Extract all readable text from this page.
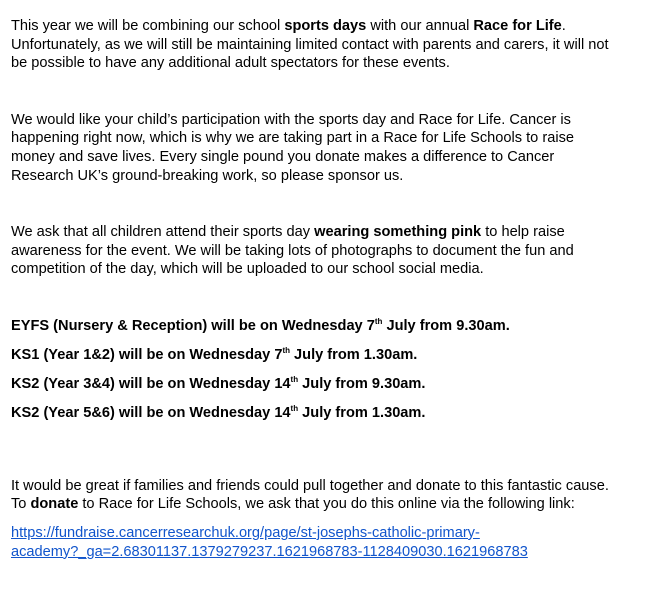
This year we will be combining our school sports days with our annual Race for Life.
Unfortunately, as we will still be maintaining limited contact with parents and carers, it will not
be possible to have any additional adult spectators for these events.

We would like your child’s participation with the sports day and Race for Life. Cancer is
happening right now, which is why we are taking part in a Race for Life Schools to raise
money and save lives. Every single pound you donate makes a difference to Cancer
Research UK’s ground-breaking work, so please sponsor us.

We ask that all children attend their sports day wearing something pink to help raise
awareness for the event. We will be taking lots of photographs to document the fun and
competition of the day, which will be uploaded to our school social media.

EYFS (Nursery & Reception) will be on Wednesday 7th July from 9.30am.

KS1 (Year 1&2) will be on Wednesday 7th July from 1.30am.

KS2 (Year 3&4) will be on Wednesday 14th July from 9.30am.

KS2 (Year 5&6) will be on Wednesday 14th July from 1.30am.

It would be great if families and friends could pull together and donate to this fantastic cause.
To donate to Race for Life Schools, we ask that you do this online via the following link:

https://fundraise.cancerresearchuk.org/page/st-josephs-catholic-primary-
academy?_ga=2.68301137.1379279237.1621968783-1128409030.1621968783
